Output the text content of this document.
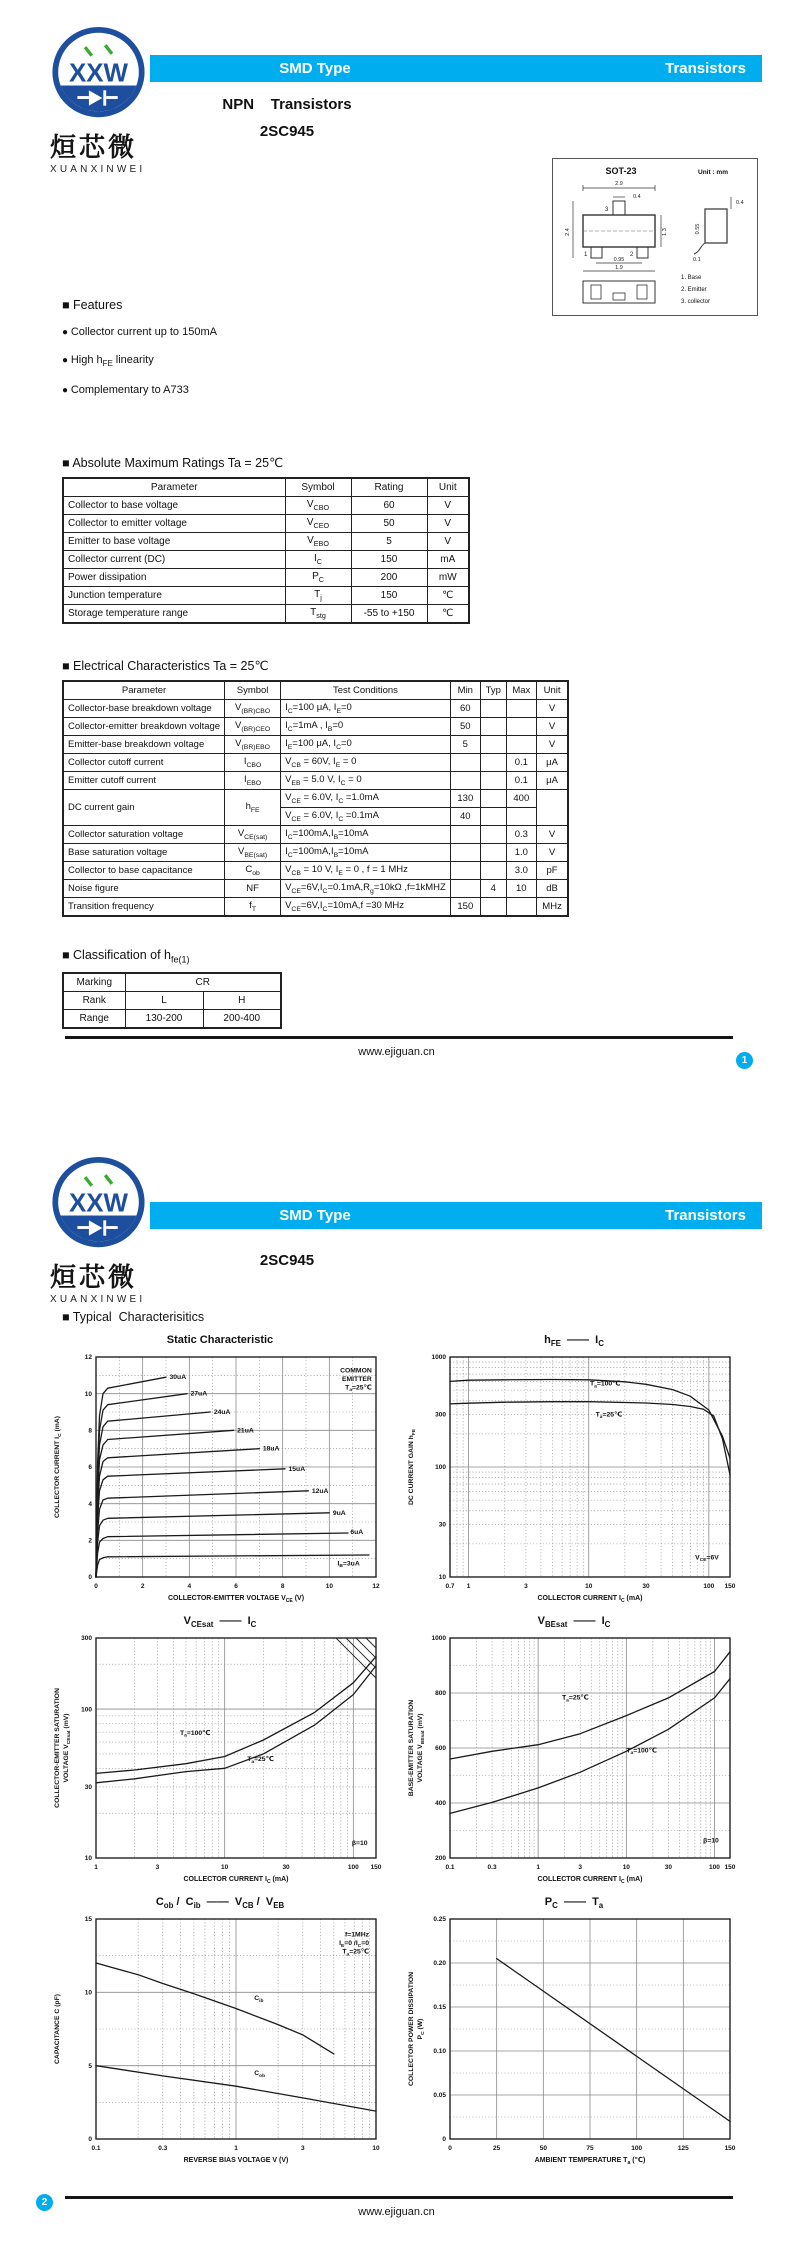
XXW
烜芯微
XUANXINWEI
SMD Type	Transistors
NPN    Transistors
2SC945
SOT-23	Unit : mm
2.9
0.4
3
1	2
2.4	1.3
0.95
1.9
0.4
0.55
0.1
1. Base
2. Emitter
3. collector
■ Features
● Collector current up to 150mA
● High $h_{FE}$ linearity
● Complementary to A733
■ Absolute Maximum Ratings Ta = 25℃
Parameter	Symbol	Rating	Unit
Collector to base voltage	$V_{CBO}$	60	V
Collector to emitter voltage	$V_{CEO}$	50	V
Emitter to base voltage	$V_{EBO}$	5	V
Collector current (DC)	$I_C$	150	mA
Power dissipation	$P_C$	200	mW
Junction temperature	$T_j$	150	℃
Storage temperature range	$T_{stg}$	-55 to +150	℃
■ Electrical Characteristics Ta = 25℃
Parameter	Symbol	Test Conditions	Min	Typ	Max	Unit
Collector-base breakdown voltage	$V_{(BR)CBO}$	$I_C=100$ μA, $I_E=0$	60			V
Collector-emitter breakdown voltage	$V_{(BR)CEO}$	$I_C=1mA$ , $I_B=0$	50			V
Emitter-base breakdown voltage	$V_{(BR)EBO}$	$I_E=100$ μA, $I_C=0$	5			V
Collector cutoff current	$I_{CBO}$	$V_{CB} = 60V$, $I_E = 0$			0.1	μA
Emitter cutoff current	$I_{EBO}$	$V_{EB} = 5.0$ V, $I_C = 0$			0.1	μA
DC current gain	$h_{FE}$	$V_{CE} = 6.0V$, $I_C =1.0mA$	130		400	
		$V_{CE} = 6.0V$, $I_C =0.1mA$	40			
Collector saturation voltage	$V_{CE(sat)}$	$I_C=100mA,I_B=10mA$			0.3	V
Base saturation voltage	$V_{BE(sat)}$	$I_C=100mA,I_B=10mA$			1.0	V
Collector to base capacitance	$C_{ob}$	$V_{CB} = 10$ V, $I_E = 0$ , f = 1 MHz			3.0	pF
Noise figure	NF	$V_{CE}=6V,I_C=0.1mA,R_g=10k\Omega$ ,f=1kMHZ		4	10	dB
Transition frequency	$f_T$	$V_{CE}=6V,I_C=10mA,f =30$ MHz	150			MHz
■ Classification of $h_{fe(1)}$
Marking	CR	
Rank	L	H
Range	130-200	200-400
www.ejiguan.cn
1
XXW
烜芯微
XUANXINWEI
SMD Type	Transistors
2SC945
■ Typical  Characterisitics
Static Characteristic
0	2	4	6	8	10	12
0
2
4
6
8
10
12
30uA
27uA
24uA
21uA
18uA
15uA
12uA
9uA
6uA
$I_B=3uA$
COMMON
EMITTER
$T_a=25℃$
COLLECTOR CURRENT $I_C$ (mA)
COLLECTOR-EMITTER VOLTAGE $V_{CE}$ (V)
$h_{FE}$  ――  $I_C$
0.7 1	3	10	30	100 150
10
30
100
300
1000
$T_a=100℃$
$T_a=25℃$
$V_{CE}=6V$
DC CURRENT GAIN $h_{FE}$
COLLECTOR CURRENT $I_C$ (mA)
$V_{CEsat}$  ――  $I_C$
1	3	10	30	100 150
10
30
100
300
$T_a=100℃$
$T_a=25℃$
β=10
COLLECTOR-EMITTER SATURATION VOLTAGE $V_{CEsat}$ (mV)
COLLECTOR CURRENT $I_C$ (mA)
$V_{BEsat}$  ――  $I_C$
0.1	0.3	1	3	10	30	100 150
200
400
600
800
1000
$T_a=25℃$
$T_a=100℃$
β=10
BASE-EMITTER SATURATION VOLTAGE $V_{BEsat}$ (mV)
COLLECTOR CURRENT $I_C$ (mA)
$C_{ob} / C_{ib}$  ――  $V_{CB} / V_{EB}$
0.1	0.3	1	3	10
0
5
10
15
$C_{ib}$
$C_{ob}$
f=1MHz
$I_E=0$ $/I_C=0$
$T_a=25℃$
CAPACITANCE C (pF)
REVERSE BIAS VOLTAGE V (V)
$P_C$  ――  $T_a$
0	25	50	75	100	125	150
0
0.05
0.10
0.15
0.20
0.25
COLLECTOR POWER DISSIPATION $P_C$ (W)
AMBIENT TEMPERATURE $T_a$ (℃)
www.ejiguan.cn
2
